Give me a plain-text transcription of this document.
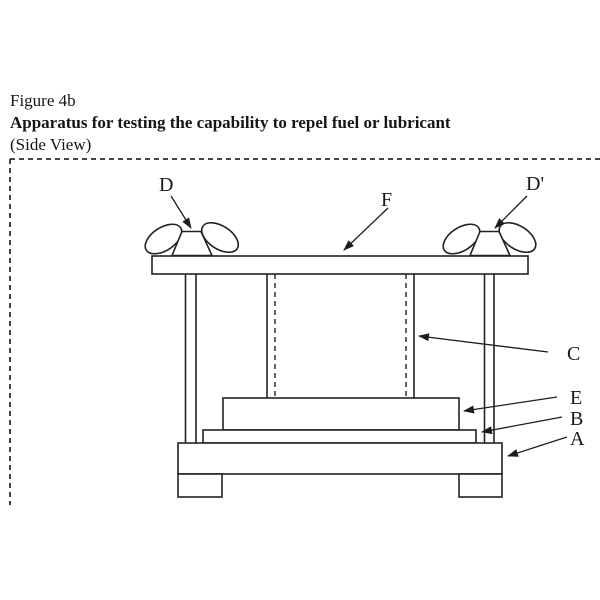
Figure 4b
Apparatus for testing the capability to repel fuel or lubricant
(Side View)
D
F
D'
C
E
B
A
